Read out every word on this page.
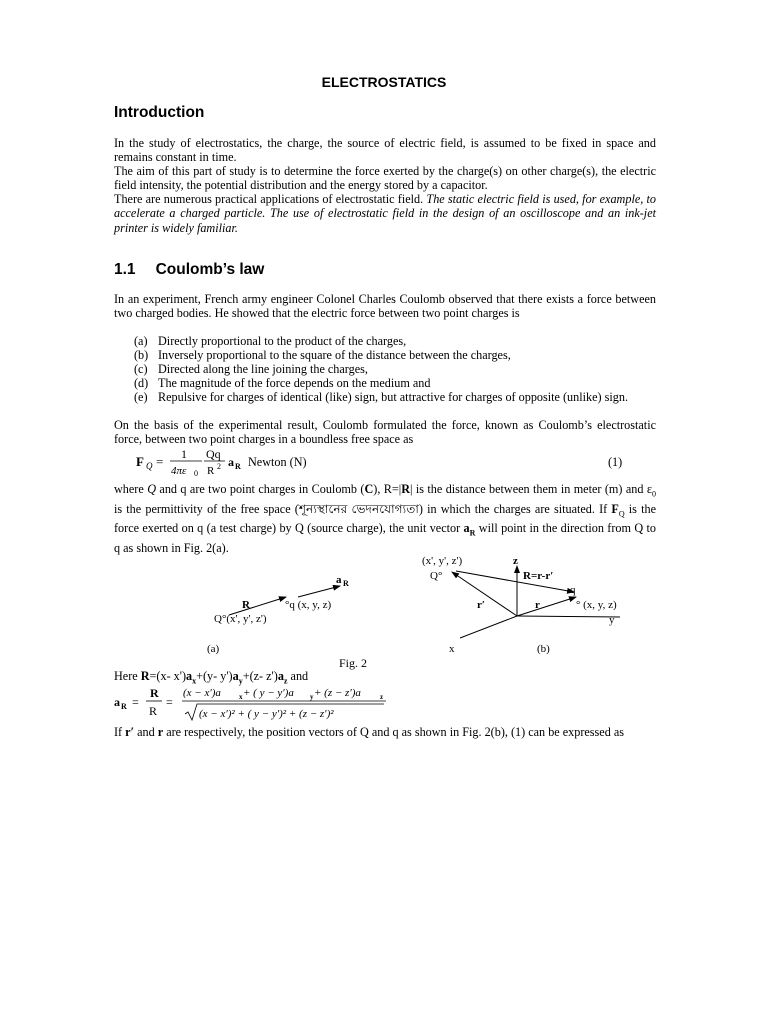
ELECTROSTATICS
Introduction
In the study of electrostatics, the charge, the source of electric field, is assumed to be fixed in space and remains constant in time.
The aim of this part of study is to determine the force exerted by the charge(s) on other charge(s), the electric field intensity, the potential distribution and the energy stored by a capacitor.
There are numerous practical applications of electrostatic field. The static electric field is used, for example, to accelerate a charged particle. The use of electrostatic field in the design of an oscilloscope and an ink-jet printer is widely familiar.
1.1 Coulomb’s law
In an experiment, French army engineer Colonel Charles Coulomb observed that there exists a force between two charged bodies. He showed that the electric force between two point charges is
(a) Directly proportional to the product of the charges,
(b) Inversely proportional to the square of the distance between the charges,
(c) Directed along the line joining the charges,
(d) The magnitude of the force depends on the medium and
(e) Repulsive for charges of identical (like) sign, but attractive for charges of opposite (unlike) sign.
On the basis of the experimental result, Coulomb formulated the force, known as Coulomb’s electrostatic force, between two point charges in a boundless free space as
F Q = 1
4πε 0
Qq
R 2 a R Newton (N)	(1)
where Q and q are two point charges in Coulomb (C), R=|R| is the distance between them in meter (m) and $\varepsilon_0$ is the permittivity of the free space (শূন্যস্থানের ভেদনযোগ্যতা) in which the charges are situated. If $F_Q$ is the force exerted on q (a test charge) by Q (source charge), the unit vector $a_R$ will point in the direction from Q to q as shown in Fig. 2(a).
a R
R	°q (x, y, z)
Q°(x', y', z')
(a)
(x', y', z')
Q°
z
R=r-r′
q
° (x, y, z)
r′	r
y
x	(b)
Fig. 2
Here R=(x- $x')a_x+(y-$ $y')a_y+(z-$ $z')a_z$ and
a R =
R
R
=
(x − x′)a	x + ( y − y′)a y + (z − z′)a	z
(x − x′)² + ( y − y′)² + (z − z′)²
If r′ and r are respectively, the position vectors of Q and q as shown in Fig. 2(b), (1) can be expressed as
